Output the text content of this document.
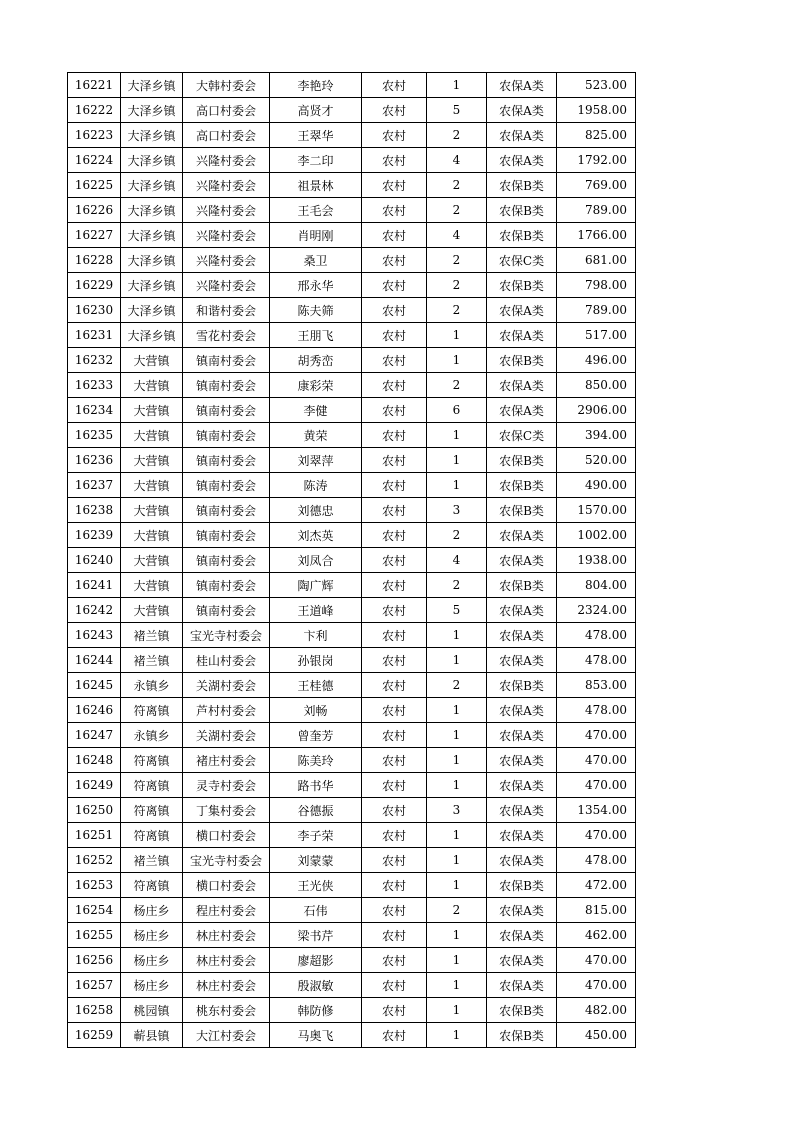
16221	大泽乡镇	大韩村委会	李艳玲	农村	1	农保A类	523.00
16222	大泽乡镇	高口村委会	高贤才	农村	5	农保A类	1958.00
16223	大泽乡镇	高口村委会	王翠华	农村	2	农保A类	825.00
16224	大泽乡镇	兴隆村委会	李二印	农村	4	农保A类	1792.00
16225	大泽乡镇	兴隆村委会	祖景林	农村	2	农保B类	769.00
16226	大泽乡镇	兴隆村委会	王毛会	农村	2	农保B类	789.00
16227	大泽乡镇	兴隆村委会	肖明刚	农村	4	农保B类	1766.00
16228	大泽乡镇	兴隆村委会	桑卫	农村	2	农保C类	681.00
16229	大泽乡镇	兴隆村委会	邢永华	农村	2	农保B类	798.00
16230	大泽乡镇	和谐村委会	陈夫筛	农村	2	农保A类	789.00
16231	大泽乡镇	雪花村委会	王朋飞	农村	1	农保A类	517.00
16232	大营镇	镇南村委会	胡秀峦	农村	1	农保B类	496.00
16233	大营镇	镇南村委会	康彩荣	农村	2	农保A类	850.00
16234	大营镇	镇南村委会	李健	农村	6	农保A类	2906.00
16235	大营镇	镇南村委会	黄荣	农村	1	农保C类	394.00
16236	大营镇	镇南村委会	刘翠萍	农村	1	农保B类	520.00
16237	大营镇	镇南村委会	陈涛	农村	1	农保B类	490.00
16238	大营镇	镇南村委会	刘德忠	农村	3	农保B类	1570.00
16239	大营镇	镇南村委会	刘杰英	农村	2	农保A类	1002.00
16240	大营镇	镇南村委会	刘凤合	农村	4	农保A类	1938.00
16241	大营镇	镇南村委会	陶广辉	农村	2	农保B类	804.00
16242	大营镇	镇南村委会	王道峰	农村	5	农保A类	2324.00
16243	褚兰镇	宝光寺村委会	卞利	农村	1	农保A类	478.00
16244	褚兰镇	桂山村委会	孙银岗	农村	1	农保A类	478.00
16245	永镇乡	关湖村委会	王桂德	农村	2	农保B类	853.00
16246	符离镇	芦村村委会	刘畅	农村	1	农保A类	478.00
16247	永镇乡	关湖村委会	曾奎芳	农村	1	农保A类	470.00
16248	符离镇	褚庄村委会	陈美玲	农村	1	农保A类	470.00
16249	符离镇	灵寺村委会	路书华	农村	1	农保A类	470.00
16250	符离镇	丁集村委会	谷德振	农村	3	农保A类	1354.00
16251	符离镇	横口村委会	李子荣	农村	1	农保A类	470.00
16252	褚兰镇	宝光寺村委会	刘蒙蒙	农村	1	农保A类	478.00
16253	符离镇	横口村委会	王光侠	农村	1	农保B类	472.00
16254	杨庄乡	程庄村委会	石伟	农村	2	农保A类	815.00
16255	杨庄乡	林庄村委会	梁书芹	农村	1	农保A类	462.00
16256	杨庄乡	林庄村委会	廖超影	农村	1	农保A类	470.00
16257	杨庄乡	林庄村委会	殷淑敏	农村	1	农保A类	470.00
16258	桃园镇	桃东村委会	韩防修	农村	1	农保B类	482.00
16259	蕲县镇	大江村委会	马奥飞	农村	1	农保B类	450.00
